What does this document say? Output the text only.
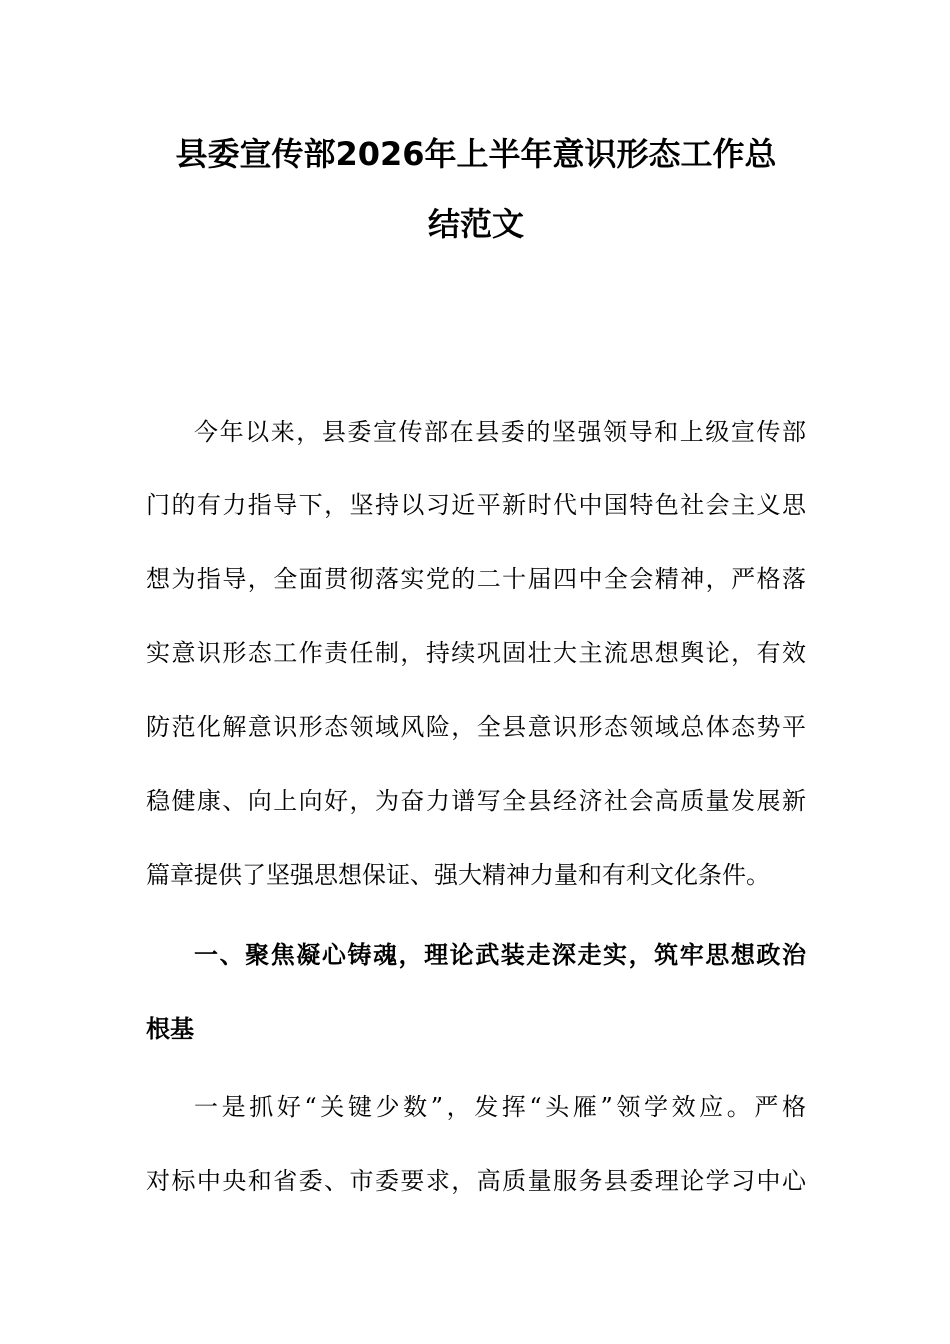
县委宣传部2026年上半年意识形态工作总
结范文
今年以来，县委宣传部在县委的坚强领导和上级宣传部
门的有力指导下，坚持以习近平新时代中国特色社会主义思
想为指导，全面贯彻落实党的二十届四中全会精神，严格落
实意识形态工作责任制，持续巩固壮大主流思想舆论，有效
防范化解意识形态领域风险，全县意识形态领域总体态势平
稳健康、向上向好，为奋力谱写全县经济社会高质量发展新
篇章提供了坚强思想保证、强大精神力量和有利文化条件。
一、聚焦凝心铸魂，理论武装走深走实，筑牢思想政治
根基
一是抓好“关键少数”，发挥“头雁”领学效应。严格
对标中央和省委、市委要求，高质量服务县委理论学习中心
